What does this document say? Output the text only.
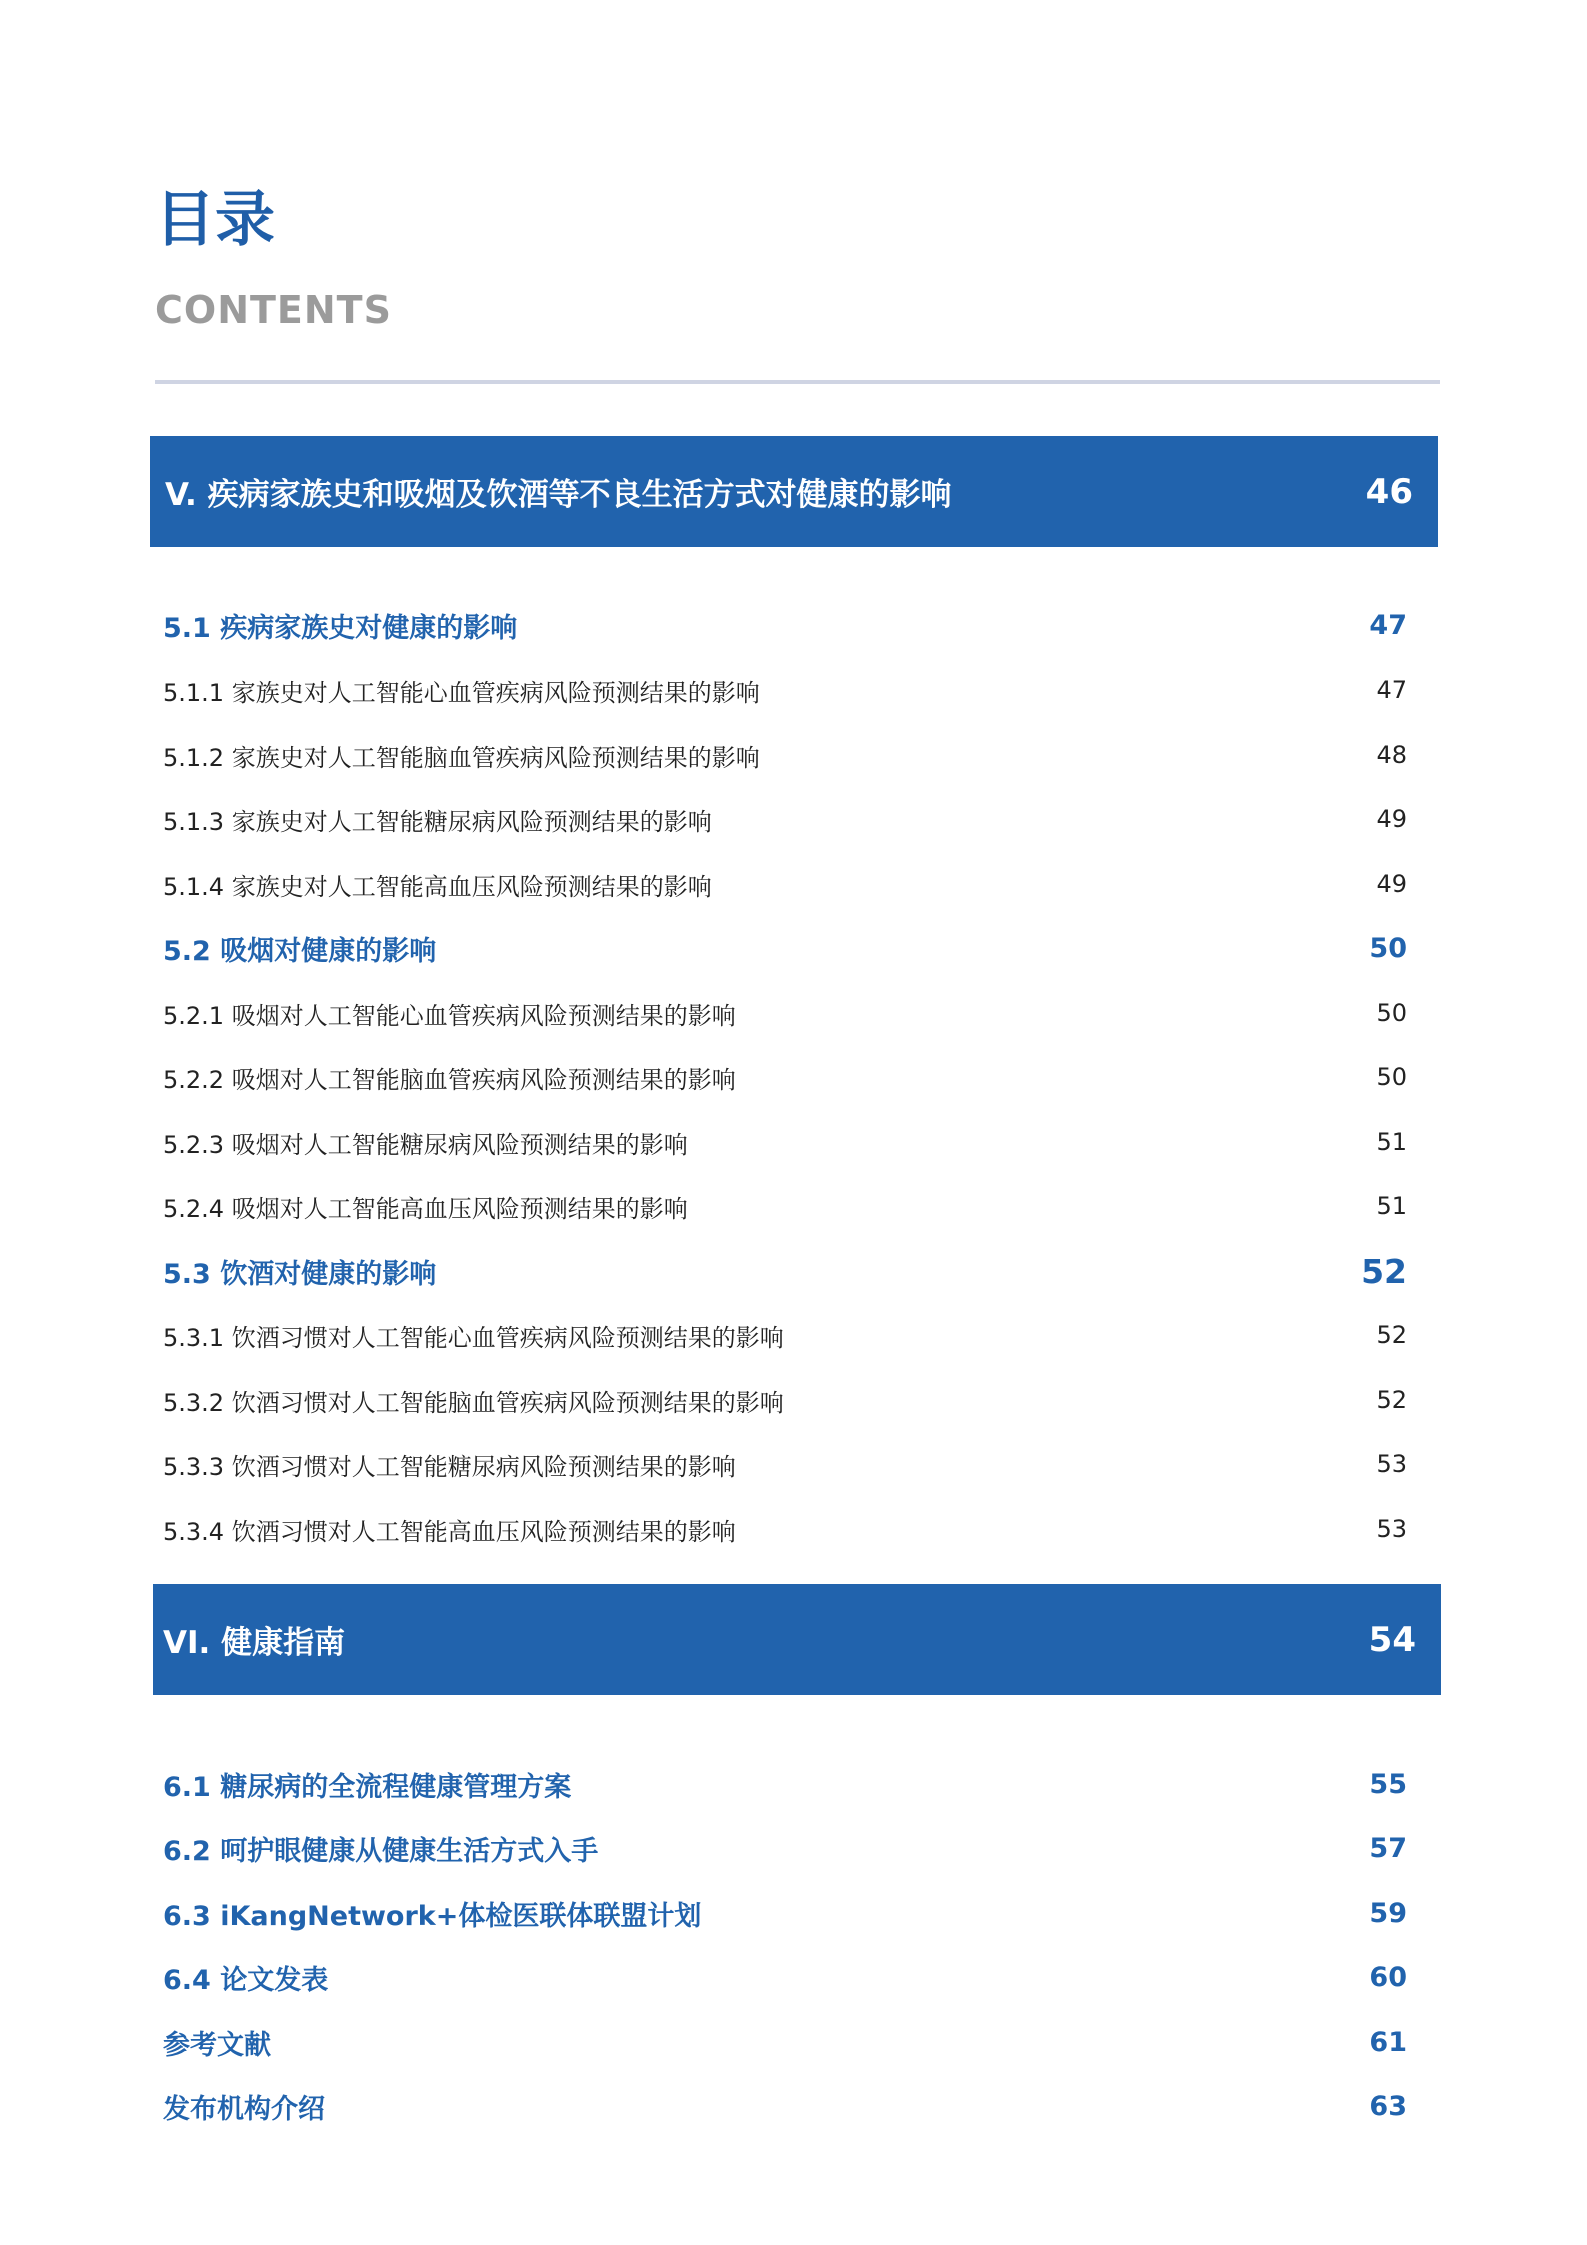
目录
CONTENTS
V. 疾病家族史和吸烟及饮酒等不良生活方式对健康的影响	46
5.1 疾病家族史对健康的影响	47
5.1.1 家族史对人工智能心血管疾病风险预测结果的影响	47
5.1.2 家族史对人工智能脑血管疾病风险预测结果的影响	48
5.1.3 家族史对人工智能糖尿病风险预测结果的影响	49
5.1.4 家族史对人工智能高血压风险预测结果的影响	49
5.2 吸烟对健康的影响	50
5.2.1 吸烟对人工智能心血管疾病风险预测结果的影响	50
5.2.2 吸烟对人工智能脑血管疾病风险预测结果的影响	50
5.2.3 吸烟对人工智能糖尿病风险预测结果的影响	51
5.2.4 吸烟对人工智能高血压风险预测结果的影响	51
5.3 饮酒对健康的影响	52
5.3.1 饮酒习惯对人工智能心血管疾病风险预测结果的影响	52
5.3.2 饮酒习惯对人工智能脑血管疾病风险预测结果的影响	52
5.3.3 饮酒习惯对人工智能糖尿病风险预测结果的影响	53
5.3.4 饮酒习惯对人工智能高血压风险预测结果的影响	53
VI. 健康指南	54
6.1 糖尿病的全流程健康管理方案	55
6.2 呵护眼健康从健康生活方式入手	57
6.3 iKangNetwork+体检医联体联盟计划	59
6.4 论文发表	60
参考文献	61
发布机构介绍	63
